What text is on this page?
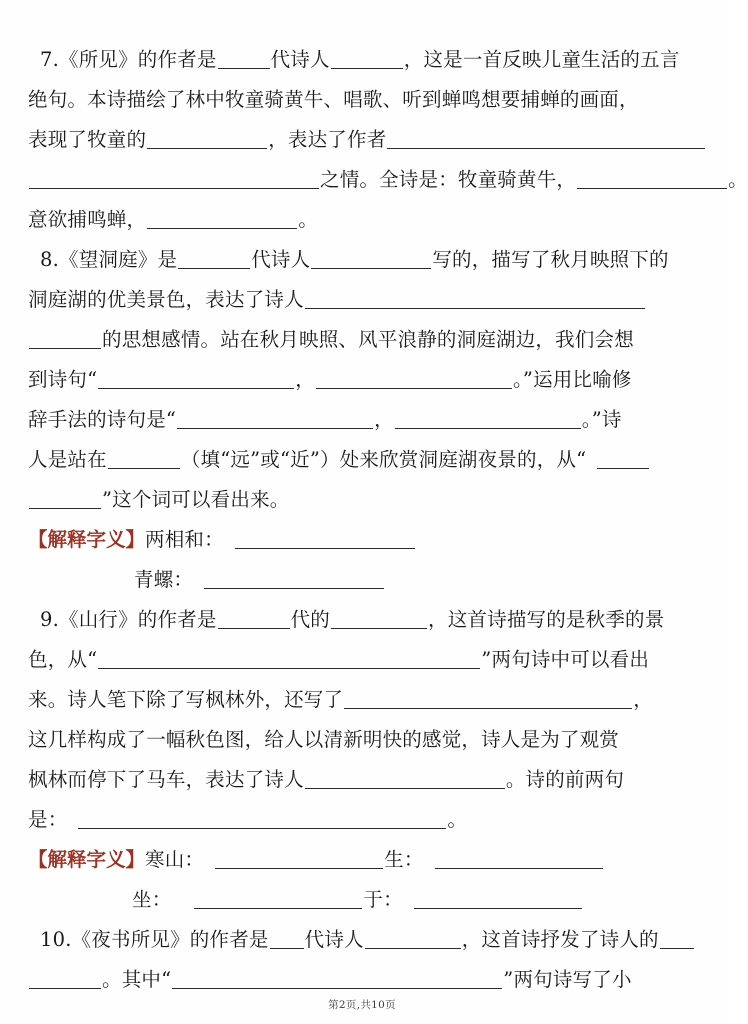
7.《所见》的作者是	代诗人	，这是一首反映儿童生活的五言
绝句。本诗描绘了林中牧童骑黄牛、唱歌、听到蝉鸣想要捕蝉的画面，
表现了牧童的	，表达了作者
之情。全诗是：牧童骑黄牛，	。
意欲捕鸣蝉，	。
8.《望洞庭》是	代诗人	写的，描写了秋月映照下的
洞庭湖的优美景色，表达了诗人
的思想感情。站在秋月映照、风平浪静的洞庭湖边，我们会想
到诗句“	，	。”运用比喻修
辞手法的诗句是“	，	。”诗
人是站在	（填“远”或“近”）处来欣赏洞庭湖夜景的，从“
”这个词可以看出来。
【解释字义】两相和：
青螺：
9.《山行》的作者是	代的	，这首诗描写的是秋季的景
色，从“	”两句诗中可以看出
来。诗人笔下除了写枫林外，还写了	，
这几样构成了一幅秋色图，给人以清新明快的感觉，诗人是为了观赏
枫林而停下了马车，表达了诗人	。诗的前两句
是：	。
【解释字义】寒山：	生：
坐：	于：
10.《夜书所见》的作者是 代诗人	，这首诗抒发了诗人的
。其中“	”两句诗写了小
第2页,共10页
